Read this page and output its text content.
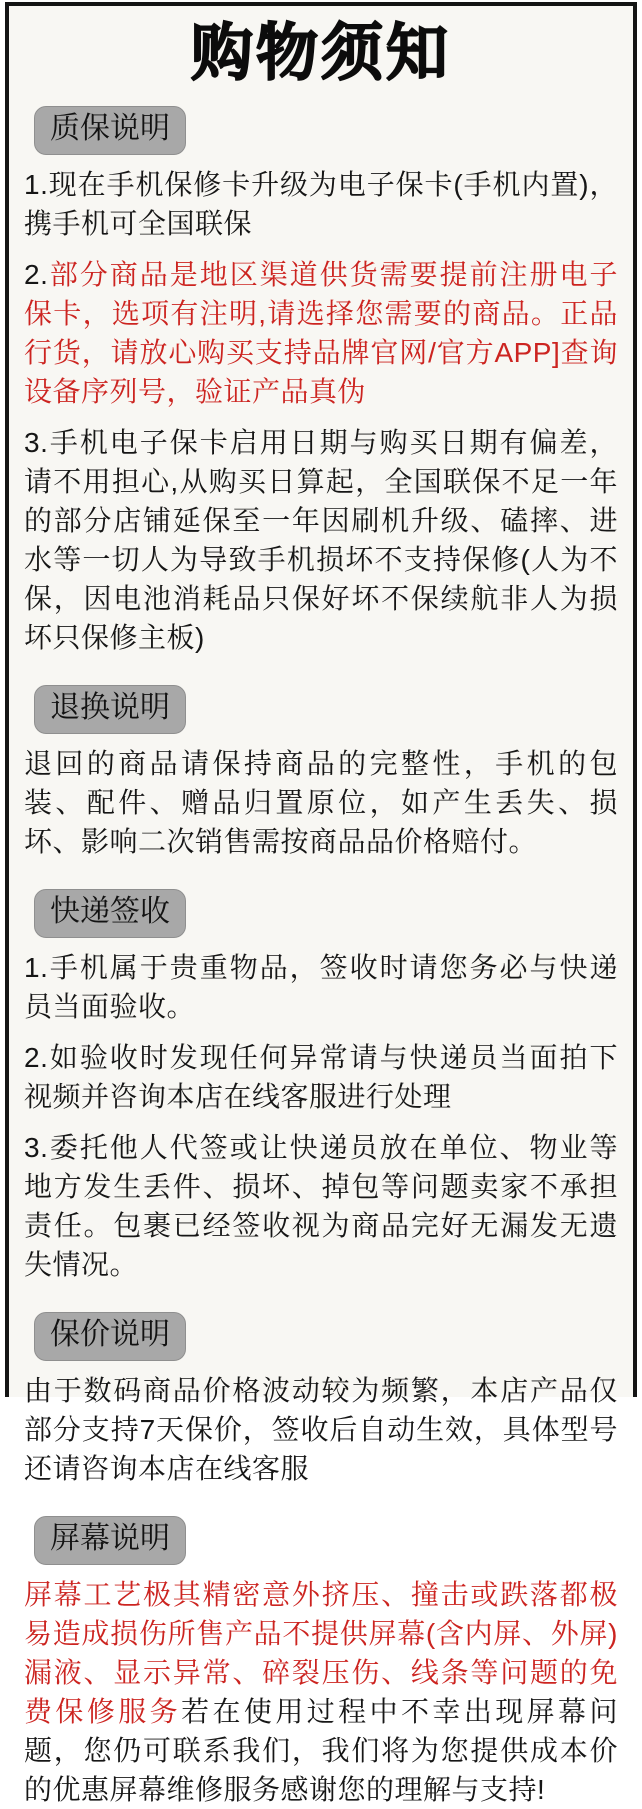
购物须知
质保说明

1.现在手机保修卡升级为电子保卡(手机内置)，携手机可全国联保

2.部分商品是地区渠道供货需要提前注册电子保卡，选项有注明,请选择您需要的商品。正品行货，请放心购买支持品牌官网/官方APP]查询设备序列号，验证产品真伪

3.手机电子保卡启用日期与购买日期有偏差，请不用担心,从购买日算起，全国联保不足一年的部分店铺延保至一年因刷机升级、磕摔、进水等一切人为导致手机损坏不支持保修(人为不保，因电池消耗品只保好坏不保续航非人为损坏只保修主板)

退换说明

退回的商品请保持商品的完整性，手机的包装、配件、赠品归置原位，如产生丢失、损坏、影响二次销售需按商品品价格赔付。

快递签收

1.手机属于贵重物品，签收时请您务必与快递员当面验收。

2.如验收时发现任何异常请与快递员当面拍下视频并咨询本店在线客服进行处理

3.委托他人代签或让快递员放在单位、物业等地方发生丢件、损坏、掉包等问题卖家不承担责任。包裹已经签收视为商品完好无漏发无遗失情况。

保价说明

由于数码商品价格波动较为频繁，本店产品仅部分支持7天保价，签收后自动生效，具体型号还请咨询本店在线客服

屏幕说明

屏幕工艺极其精密意外挤压、撞击或跌落都极易造成损伤所售产品不提供屏幕(含内屏、外屏)漏液、显示异常、碎裂压伤、线条等问题的免费保修服务若在使用过程中不幸出现屏幕问题，您仍可联系我们，我们将为您提供成本价的优惠屏幕维修服务感谢您的理解与支持!
